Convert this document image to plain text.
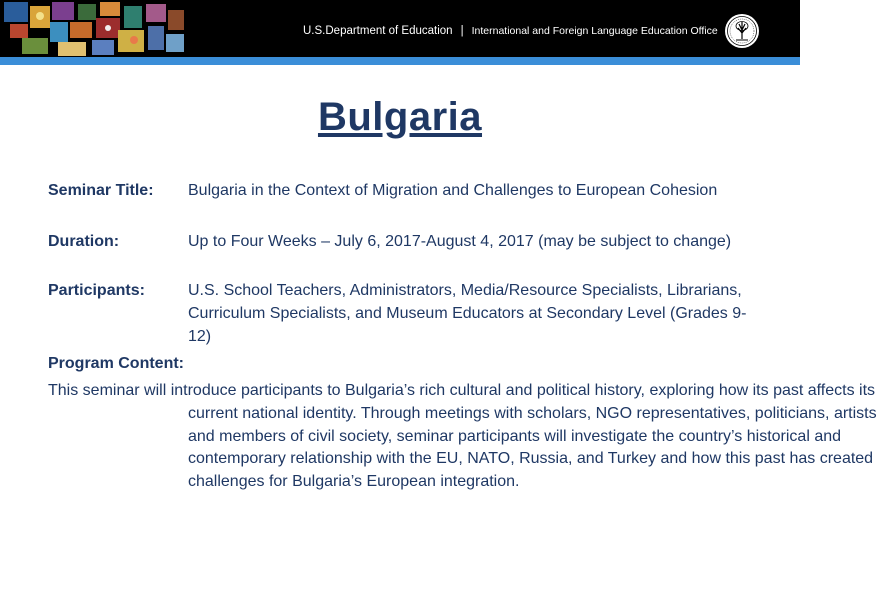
U.S.Department of Education | International and Foreign Language Education Office
Bulgaria
Seminar Title: Bulgaria in the Context of Migration and Challenges to European Cohesion
Duration:	Up to Four Weeks – July 6, 2017-August 4, 2017 (may be subject to change)
Participants:	U.S. School Teachers, Administrators, Media/Resource Specialists, Librarians, Curriculum Specialists, and Museum Educators at Secondary Level (Grades 9-12)
Program Content:
This seminar will introduce participants to Bulgaria’s rich cultural and political history, exploring how its past affects its current national identity. Through meetings with scholars, NGO representatives, politicians, artists and members of civil society, seminar participants will investigate the country’s historical and contemporary relationship with the EU, NATO, Russia, and Turkey and how this past has created challenges for Bulgaria’s European integration.
